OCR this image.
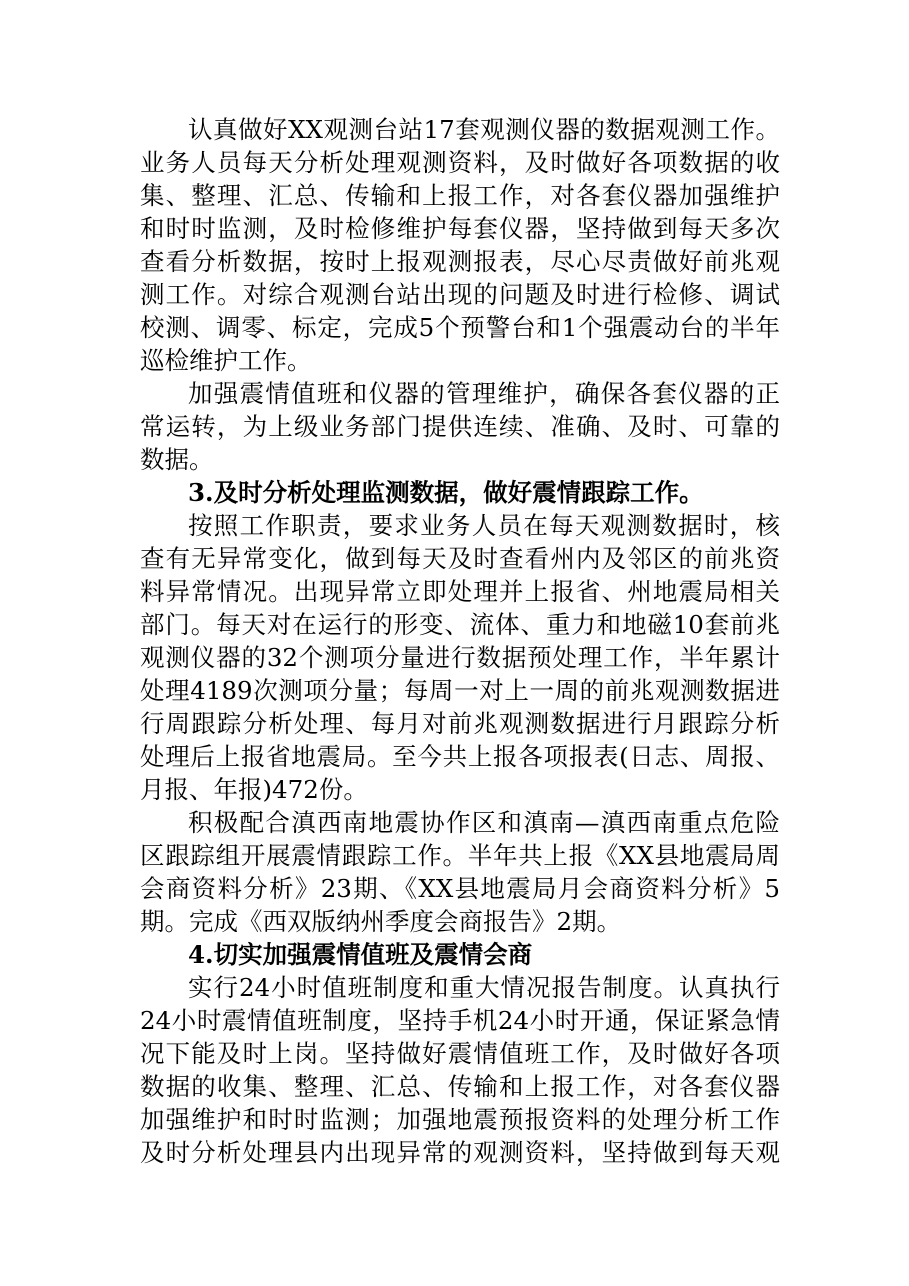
认真做好XX观测台站17套观测仪器的数据观测工作。
业务人员每天分析处理观测资料，及时做好各项数据的收
集、整理、汇总、传输和上报工作，对各套仪器加强维护
和时时监测，及时检修维护每套仪器，坚持做到每天多次
查看分析数据，按时上报观测报表，尽心尽责做好前兆观
测工作。对综合观测台站出现的问题及时进行检修、调试
校测、调零、标定，完成5个预警台和1个强震动台的半年
巡检维护工作。
加强震情值班和仪器的管理维护，确保各套仪器的正
常运转，为上级业务部门提供连续、准确、及时、可靠的
数据。
3.及时分析处理监测数据，做好震情跟踪工作。
按照工作职责，要求业务人员在每天观测数据时，核
查有无异常变化，做到每天及时查看州内及邻区的前兆资
料异常情况。出现异常立即处理并上报省、州地震局相关
部门。每天对在运行的形变、流体、重力和地磁10套前兆
观测仪器的32个测项分量进行数据预处理工作，半年累计
处理4189次测项分量；每周一对上一周的前兆观测数据进
行周跟踪分析处理、每月对前兆观测数据进行月跟踪分析
处理后上报省地震局。至今共上报各项报表(日志、周报、
月报、年报)472份。
积极配合滇西南地震协作区和滇南—滇西南重点危险
区跟踪组开展震情跟踪工作。半年共上报《XX县地震局周
会商资料分析》23期、《XX县地震局月会商资料分析》5
期。完成《西双版纳州季度会商报告》2期。
4.切实加强震情值班及震情会商
实行24小时值班制度和重大情况报告制度。认真执行
24小时震情值班制度，坚持手机24小时开通，保证紧急情
况下能及时上岗。坚持做好震情值班工作，及时做好各项
数据的收集、整理、汇总、传输和上报工作，对各套仪器
加强维护和时时监测；加强地震预报资料的处理分析工作
及时分析处理县内出现异常的观测资料，坚持做到每天观
